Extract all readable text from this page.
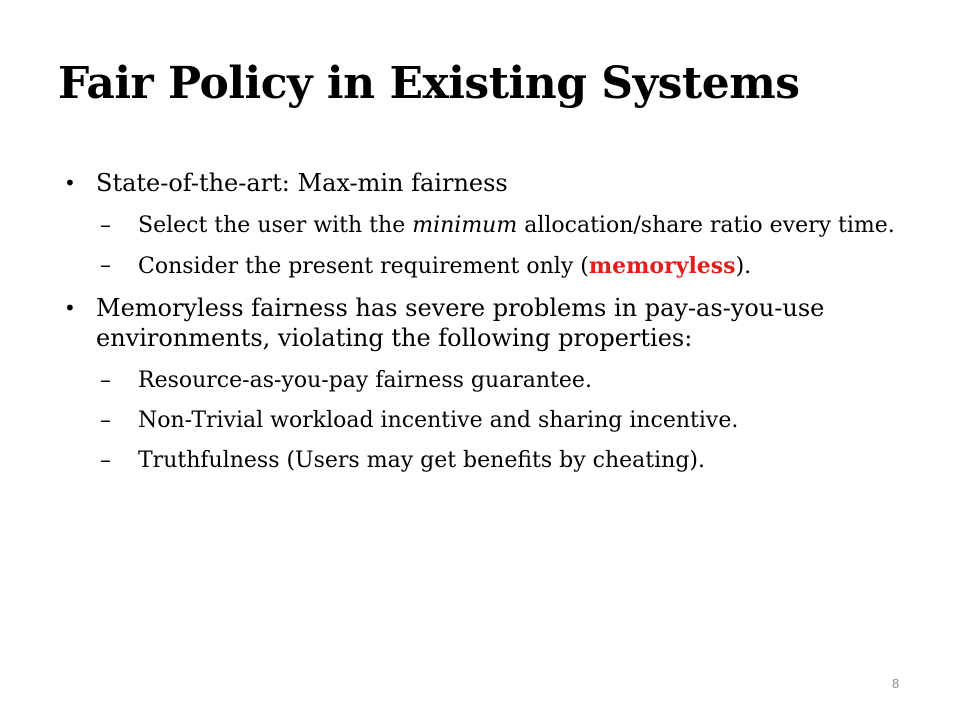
Fair Policy in Existing Systems
• State-of-the-art: Max-min fairness
– Select the user with the minimum allocation/share ratio every time.
– Consider the present requirement only (memoryless).
• Memoryless fairness has severe problems in pay-as-you-use environments, violating the following properties:
– Resource-as-you-pay fairness guarantee.
– Non-Trivial workload incentive and sharing incentive.
– Truthfulness (Users may get benefits by cheating).
8
